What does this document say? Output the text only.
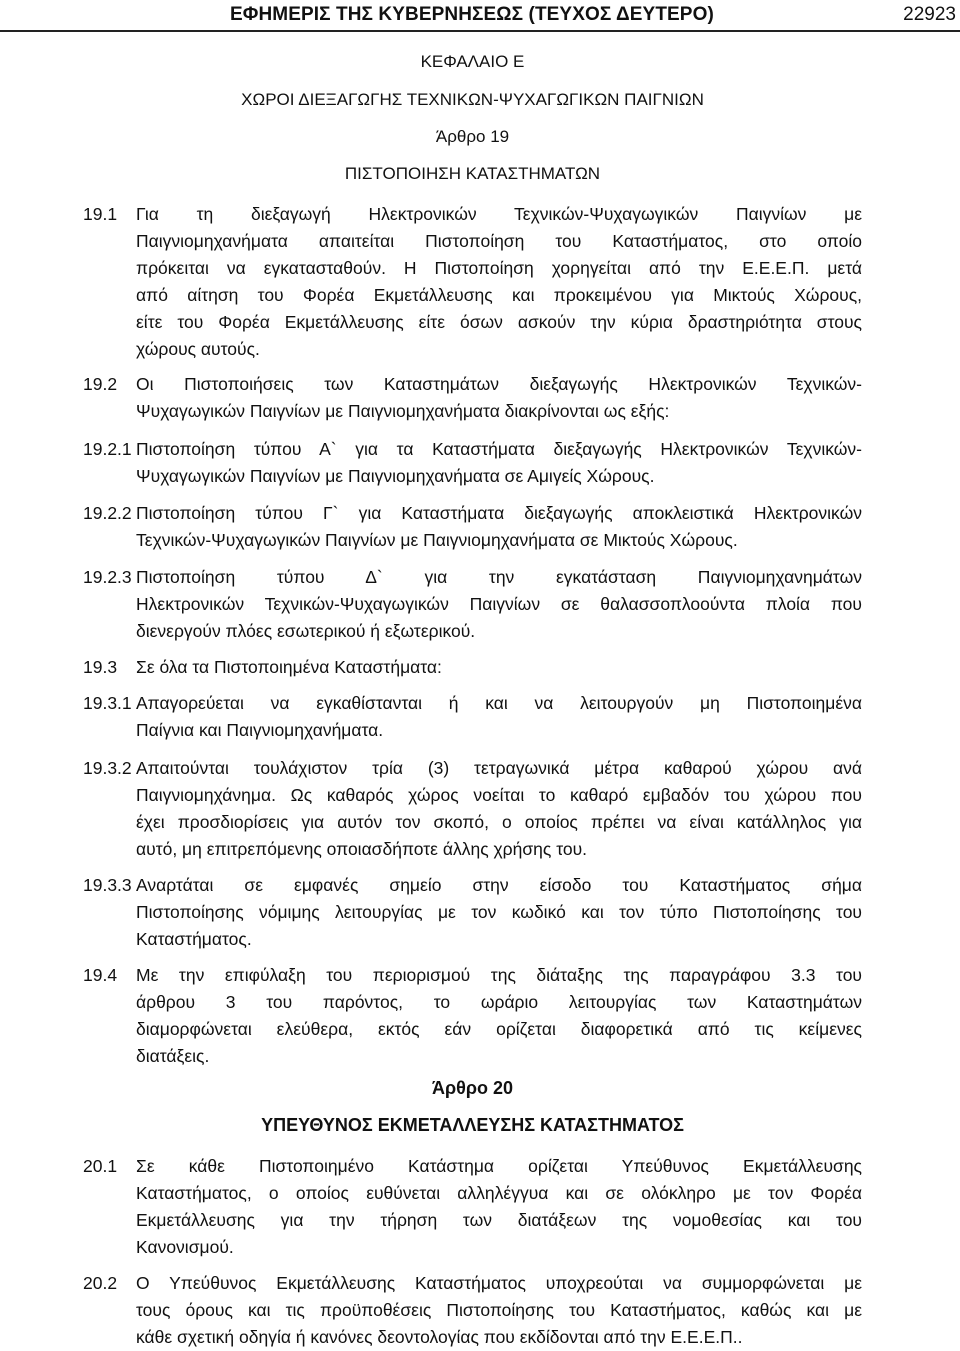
ΕΦΗΜΕΡΙΣ ΤΗΣ ΚΥΒΕΡΝΗΣΕΩΣ (ΤΕΥΧΟΣ ΔΕΥΤΕΡΟ)	22923
ΚΕΦΑΛΑΙΟ Ε
ΧΩΡΟΙ ΔΙΕΞΑΓΩΓΗΣ ΤΕΧΝΙΚΩΝ-ΨΥΧΑΓΩΓΙΚΩΝ ΠΑΙΓΝΙΩΝ
Άρθρο 19
ΠΙΣΤΟΠΟΙΗΣΗ ΚΑΤΑΣΤΗΜΑΤΩΝ
19.1 Για τη διεξαγωγή Ηλεκτρονικών Τεχνικών-Ψυχαγωγικών Παιγνίων με
Παιγνιομηχανήματα απαιτείται Πιστοποίηση του Καταστήματος, στο οποίο
πρόκειται να εγκατασταθούν. Η Πιστοποίηση χορηγείται από την Ε.Ε.Ε.Π. μετά
από αίτηση του Φορέα Εκμετάλλευσης και προκειμένου για Μικτούς Χώρους,
είτε του Φορέα Εκμετάλλευσης είτε όσων ασκούν την κύρια δραστηριότητα στους
χώρους αυτούς.
19.2 Οι Πιστοποιήσεις των Καταστημάτων διεξαγωγής Ηλεκτρονικών Τεχνικών-
Ψυχαγωγικών Παιγνίων με Παιγνιομηχανήματα διακρίνονται ως εξής:
19.2.1 Πιστοποίηση τύπου Α` για τα Καταστήματα διεξαγωγής Ηλεκτρονικών Τεχνικών-
Ψυχαγωγικών Παιγνίων με Παιγνιομηχανήματα σε Αμιγείς Χώρους.
19.2.2 Πιστοποίηση τύπου Γ` για Καταστήματα διεξαγωγής αποκλειστικά Ηλεκτρονικών
Τεχνικών-Ψυχαγωγικών Παιγνίων με Παιγνιομηχανήματα σε Μικτούς Χώρους.
19.2.3 Πιστοποίηση τύπου Δ` για την εγκατάσταση Παιγνιομηχανημάτων
Ηλεκτρονικών Τεχνικών-Ψυχαγωγικών Παιγνίων σε θαλασσοπλοούντα πλοία που
διενεργούν πλόες εσωτερικού ή εξωτερικού.
19.3 Σε όλα τα Πιστοποιημένα Καταστήματα:
19.3.1 Απαγορεύεται να εγκαθίστανται ή και να λειτουργούν μη Πιστοποιημένα
Παίγνια και Παιγνιομηχανήματα.
19.3.2 Απαιτούνται τουλάχιστον τρία (3) τετραγωνικά μέτρα καθαρού χώρου ανά
Παιγνιομηχάνημα. Ως καθαρός χώρος νοείται το καθαρό εμβαδόν του χώρου που
έχει προσδιορίσεις για αυτόν τον σκοπό, ο οποίος πρέπει να είναι κατάλληλος για
αυτό, μη επιτρεπόμενης οποιασδήποτε άλλης χρήσης του.
19.3.3 Αναρτάται σε εμφανές σημείο στην είσοδο του Καταστήματος σήμα
Πιστοποίησης νόμιμης λειτουργίας με τον κωδικό και τον τύπο Πιστοποίησης του
Καταστήματος.
19.4 Με την επιφύλαξη του περιορισμού της διάταξης της παραγράφου 3.3 του
άρθρου 3 του παρόντος, το ωράριο λειτουργίας των Καταστημάτων
διαμορφώνεται ελεύθερα, εκτός εάν ορίζεται διαφορετικά από τις κείμενες
διατάξεις.
Άρθρο 20
ΥΠΕΥΘΥΝΟΣ ΕΚΜΕΤΑΛΛΕΥΣΗΣ ΚΑΤΑΣΤΗΜΑΤΟΣ
20.1 Σε κάθε Πιστοποιημένο Κατάστημα ορίζεται Υπεύθυνος Εκμετάλλευσης
Καταστήματος, ο οποίος ευθύνεται αλληλέγγυα και σε ολόκληρο με τον Φορέα
Εκμετάλλευσης για την τήρηση των διατάξεων της νομοθεσίας και του
Κανονισμού.
20.2 Ο Υπεύθυνος Εκμετάλλευσης Καταστήματος υποχρεούται να συμμορφώνεται με
τους όρους και τις προϋποθέσεις Πιστοποίησης του Καταστήματος, καθώς και με
κάθε σχετική οδηγία ή κανόνες δεοντολογίας που εκδίδονται από την Ε.Ε.Ε.Π..
